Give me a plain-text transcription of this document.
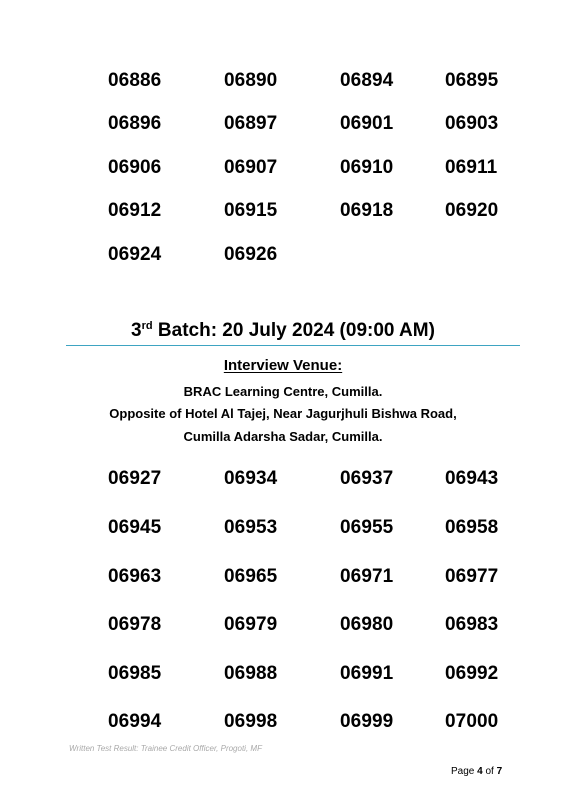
06886	06890	06894	06895
06896	06897	06901	06903
06906	06907	06910	06911
06912	06915	06918	06920
06924	06926
3rd Batch: 20 July 2024 (09:00 AM)
Interview Venue:
BRAC Learning Centre, Cumilla.
Opposite of Hotel Al Tajej, Near Jagurjhuli Bishwa Road,
Cumilla Adarsha Sadar, Cumilla.
06927	06934	06937	06943
06945	06953	06955	06958
06963	06965	06971	06977
06978	06979	06980	06983
06985	06988	06991	06992
06994	06998	06999	07000
Written Test Result: Trainee Credit Officer, Progoti, MF
Page 4 of 7
